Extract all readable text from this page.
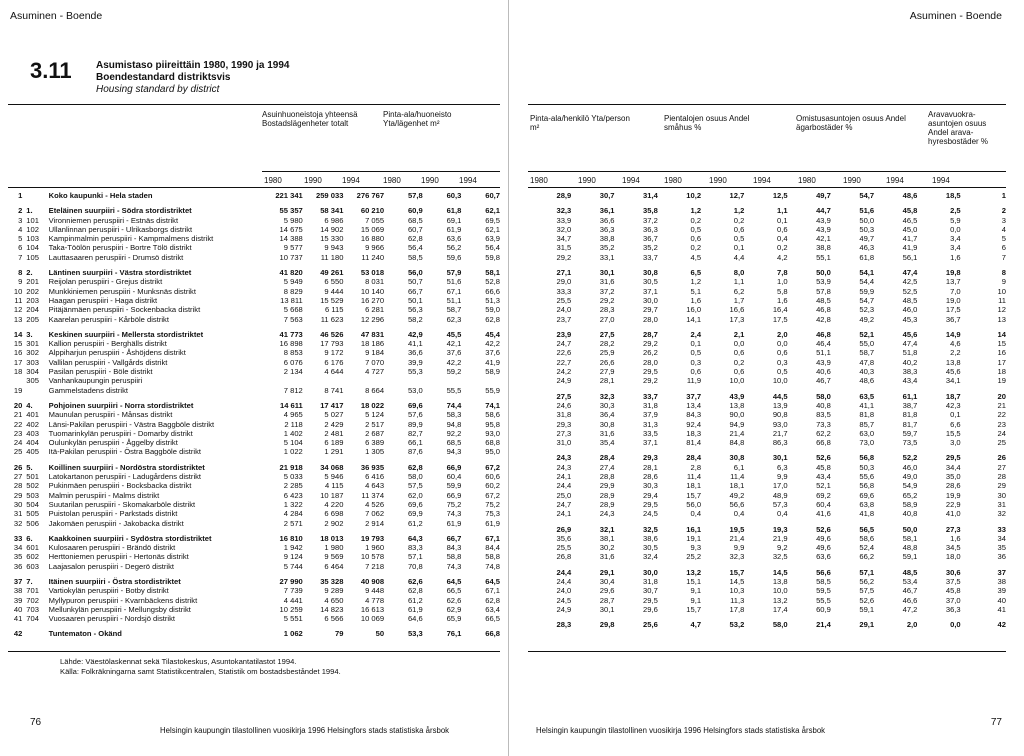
Asuminen - Boende
3.11 Asumistaso piireittäin 1980, 1990 ja 1994
Boendestandard distriktsvis
Housing standard by district
Asuinhuoneistoja yhteensä Bostadslägenheter totalt
Pinta-ala/huoneisto Yta/lägenhet m²
1980	1990	1994	1980	1990	1994
1		Koko kaupunki - Hela staden	221 341	259 033	276 767	57,8	60,3	60,7

2	1.	Eteläinen suurpiiri - Södra stordistriktet	55 357	58 341	60 210	60,9	61,8	62,1
3	101	Vironniemen peruspiiri - Estnäs distrikt	5 980	6 986	7 055	68,5	69,1	69,5
4	102	Ullanlinnan peruspiiri - Ulrikasborgs distrikt	14 675	14 902	15 069	60,7	61,9	62,1
5	103	Kampinmalmin peruspiiri - Kampmalmens distrikt	14 388	15 330	16 880	62,8	63,6	63,9
6	104	Taka-Töölön peruspiiri - Bortre Tölö distrikt	9 577	9 943	9 966	56,4	56,2	56,4
7	105	Lauttasaaren peruspiiri - Drumsö distrikt	10 737	11 180	11 240	58,5	59,6	59,8

8	2.	Läntinen suurpiiri - Västra stordistriktet	41 820	49 261	53 018	56,0	57,9	58,1
9	201	Reijolan peruspiiri - Grejus distrikt	5 949	6 550	8 031	50,7	51,6	52,8
10	202	Munkkiniemen peruspiiri - Munksnäs distrikt	8 829	9 444	10 140	66,7	67,1	66,6
11	203	Haagan peruspiiri - Haga distrikt	13 811	15 529	16 270	50,1	51,1	51,3
12	204	Pitäjänmäen peruspiiri - Sockenbacka distrikt	5 668	6 115	6 281	56,3	58,7	59,0
13	205	Kaarelan peruspiiri - Kårböle distrikt	7 563	11 623	12 296	58,2	62,3	62,8

14	3.	Keskinen suurpiiri - Mellersta stordistriktet	41 773	46 526	47 831	42,9	45,5	45,4
15	301	Kallion peruspiiri - Berghälls distrikt	16 898	17 793	18 186	41,1	42,1	42,2
16	302	Alppiharjun peruspiiri - Åshöjdens distrikt	8 853	9 172	9 184	36,6	37,6	37,6
17	303	Vallilan peruspiiri - Vallgårds distrikt	6 076	6 176	7 070	39,9	42,2	41,9
18	304	Pasilan peruspiiri - Böle distrikt	2 134	4 644	4 727	55,3	59,2	58,9
	305	Vanhankaupungin peruspiiri						
19		Gammelstadens distrikt	7 812	8 741	8 664	53,0	55,5	55,9

20	4.	Pohjoinen suurpiiri - Norra stordistriktet	14 611	17 417	18 022	69,6	74,4	74,1
21	401	Maunulan peruspiiri - Månsas distrikt	4 965	5 027	5 124	57,6	58,3	58,6
22	402	Länsi-Pakilan peruspiiri - Västra Baggböle distrikt	2 118	2 429	2 517	89,9	94,8	95,8
23	403	Tuomarinkylän peruspiiri - Domarby distrikt	1 402	2 481	2 687	82,7	92,2	93,0
24	404	Oulunkylän peruspiiri - Åggelby distrikt	5 104	6 189	6 389	66,1	68,5	68,8
25	405	Itä-Pakilan peruspiiri - Östra Baggböle distrikt	1 022	1 291	1 305	87,6	94,3	95,0

26	5.	Koillinen suurpiiri - Nordöstra stordistriktet	21 918	34 068	36 935	62,8	66,9	67,2
27	501	Latokartanon peruspiiri - Ladugårdens distrikt	5 033	5 946	6 416	58,0	60,4	60,6
28	502	Pukinmäen peruspiiri - Bocksbacka distrikt	2 285	4 115	4 643	57,5	59,9	60,2
29	503	Malmin peruspiiri - Malms distrikt	6 423	10 187	11 374	62,0	66,9	67,2
30	504	Suutarilan peruspiiri - Skomakarböle distrikt	1 322	4 220	4 526	69,6	75,2	75,2
31	505	Puistolan peruspiiri - Parkstads distrikt	4 284	6 698	7 062	69,9	74,3	75,3
32	506	Jakomäen peruspiiri - Jakobacka distrikt	2 571	2 902	2 914	61,2	61,9	61,9

33	6.	Kaakkoinen suurpiiri - Sydöstra stordistriktet	16 810	18 013	19 793	64,3	66,7	67,1
34	601	Kulosaaren peruspiiri - Brändö distrikt	1 942	1 980	1 960	83,3	84,3	84,4
35	602	Herttoniemen peruspiiri - Hertonäs distrikt	9 124	9 569	10 578	57,1	58,8	58,8
36	603	Laajasalon peruspiiri - Degerö distrikt	5 744	6 464	7 218	70,8	74,3	74,8

37	7.	Itäinen suurpiiri - Östra stordistriktet	27 990	35 328	40 908	62,6	64,5	64,5
38	701	Vartiokylän peruspiiri - Botby distrikt	7 739	9 289	9 448	62,8	66,5	67,1
39	702	Myllypuron peruspiiri - Kvarnbäckens distrikt	4 441	4 650	4 778	61,2	62,6	62,8
40	703	Mellunkylän peruspiiri - Mellungsby distrikt	10 259	14 823	16 613	61,9	62,9	63,4
41	704	Vuosaaren peruspiiri - Nordsjö distrikt	5 551	6 566	10 069	64,6	65,9	66,5

42		Tuntematon - Okänd	1 062	79	50	53,3	76,1	66,8
Lähde: Väestölaskennat sekä Tilastokeskus, Asuntokantatilastot 1994.
Källa: Folkräkningarna samt Statistikcentralen, Statistik om bostadsbeståndet 1994.
76
Helsingin kaupungin tilastollinen vuosikirja 1996 Helsingfors stads statistiska årsbok
Asuminen - Boende
Pinta-ala/henkilö Yta/person m²
Pientalojen osuus Andel småhus %
Omistusasuntojen osuus Andel ägarbostäder %
Aravavuokra-asuntojen osuus Andel arava-hyresbostäder %
1980	1990	1994	1980	1990	1994	1980	1990	1994	1994
28,9	30,7	31,4	10,2	12,7	12,5	49,7	54,7	48,6	18,5	1

32,3	36,1	35,8	1,2	1,2	1,1	44,7	51,6	45,8	2,5	2
33,9	36,6	37,2	0,2	0,2	0,1	43,9	50,0	46,5	5,9	3
32,0	36,3	36,3	0,5	0,6	0,6	43,9	50,3	45,0	0,0	4
34,7	38,8	36,7	0,6	0,5	0,4	42,1	49,7	41,7	3,4	5
31,5	35,2	35,2	0,2	0,1	0,2	38,8	46,3	41,9	3,4	6
29,2	33,1	33,7	4,5	4,4	4,2	55,1	61,8	56,1	1,6	7

27,1	30,1	30,8	6,5	8,0	7,8	50,0	54,1	47,4	19,8	8
29,0	31,6	30,5	1,2	1,1	1,0	53,9	54,4	42,5	13,7	9
33,3	37,2	37,1	5,1	6,2	5,8	57,8	59,9	52,5	7,0	10
25,5	29,2	30,0	1,6	1,7	1,6	48,5	54,7	48,5	19,0	11
24,0	28,3	29,7	16,0	16,6	16,4	46,8	52,3	46,0	17,5	12
23,7	27,0	28,0	14,1	17,3	17,5	42,8	49,2	45,3	36,7	13

23,9	27,5	28,7	2,4	2,1	2,0	46,8	52,1	45,6	14,9	14
24,7	28,2	29,2	0,1	0,0	0,0	46,4	55,0	47,4	4,6	15
22,6	25,9	26,2	0,5	0,6	0,6	51,1	58,7	51,8	2,2	16
22,7	26,6	28,0	0,3	0,2	0,3	43,9	47,8	40,2	13,8	17
24,2	27,9	29,5	0,6	0,6	0,5	40,6	40,3	38,3	45,6	18

24,9	28,1	29,2	11,9	10,0	10,0	46,7	48,6	43,4	34,1	19

27,5	32,3	33,7	37,7	43,9	44,5	58,0	63,5	61,1	18,7	20
24,6	30,3	31,8	13,4	13,8	13,9	40,8	41,1	38,7	42,3	21
31,8	36,4	37,9	84,3	90,0	90,8	83,5	81,8	81,8	0,1	22
29,3	30,8	31,3	92,4	94,9	93,0	73,3	85,7	81,7	6,6	23
27,3	31,6	33,5	18,3	21,4	21,7	62,2	63,0	59,7	15,5	24
31,0	35,4	37,1	81,4	84,8	86,3	66,8	73,0	73,5	3,0	25

24,3	28,4	29,3	28,4	30,8	30,1	52,6	56,8	52,2	29,5	26
24,3	27,4	28,1	2,8	6,1	6,3	45,8	50,3	46,0	34,4	27
24,1	28,8	28,6	11,4	11,4	9,9	43,4	55,6	49,0	35,0	28
24,4	29,9	30,3	18,1	18,1	17,0	52,1	56,8	54,9	28,6	29
25,0	28,9	29,4	15,7	49,2	48,9	69,2	69,6	65,2	19,9	30
24,7	28,9	29,5	56,0	56,6	57,3	60,4	63,8	58,9	22,9	31
24,1	24,3	24,5	0,4	0,4	0,4	41,6	41,8	40,8	41,0	32

26,9	32,1	32,5	16,1	19,5	19,3	52,6	56,5	50,0	27,3	33
35,6	38,1	38,6	19,1	21,4	21,9	49,6	58,6	58,1	1,6	34
25,5	30,2	30,5	9,3	9,9	9,2	49,6	52,4	48,8	34,5	35
26,8	31,6	32,4	25,2	32,3	32,5	63,6	66,2	59,1	18,0	36

24,4	29,1	30,0	13,2	15,7	14,5	56,6	57,1	48,5	30,6	37
24,4	30,4	31,8	15,1	14,5	13,8	58,5	56,2	53,4	37,5	38
24,0	29,6	30,7	9,1	10,3	10,0	59,5	57,5	46,7	45,8	39
24,5	28,7	29,5	9,1	11,3	13,2	55,5	52,6	46,6	37,0	40
24,9	30,1	29,6	15,7	17,8	17,4	60,9	59,1	47,2	36,3	41

28,3	29,8	25,6	4,7	53,2	58,0	21,4	29,1	2,0	0,0	42
Helsingin kaupungin tilastollinen vuosikirja 1996 Helsingfors stads statistiska årsbok
77
